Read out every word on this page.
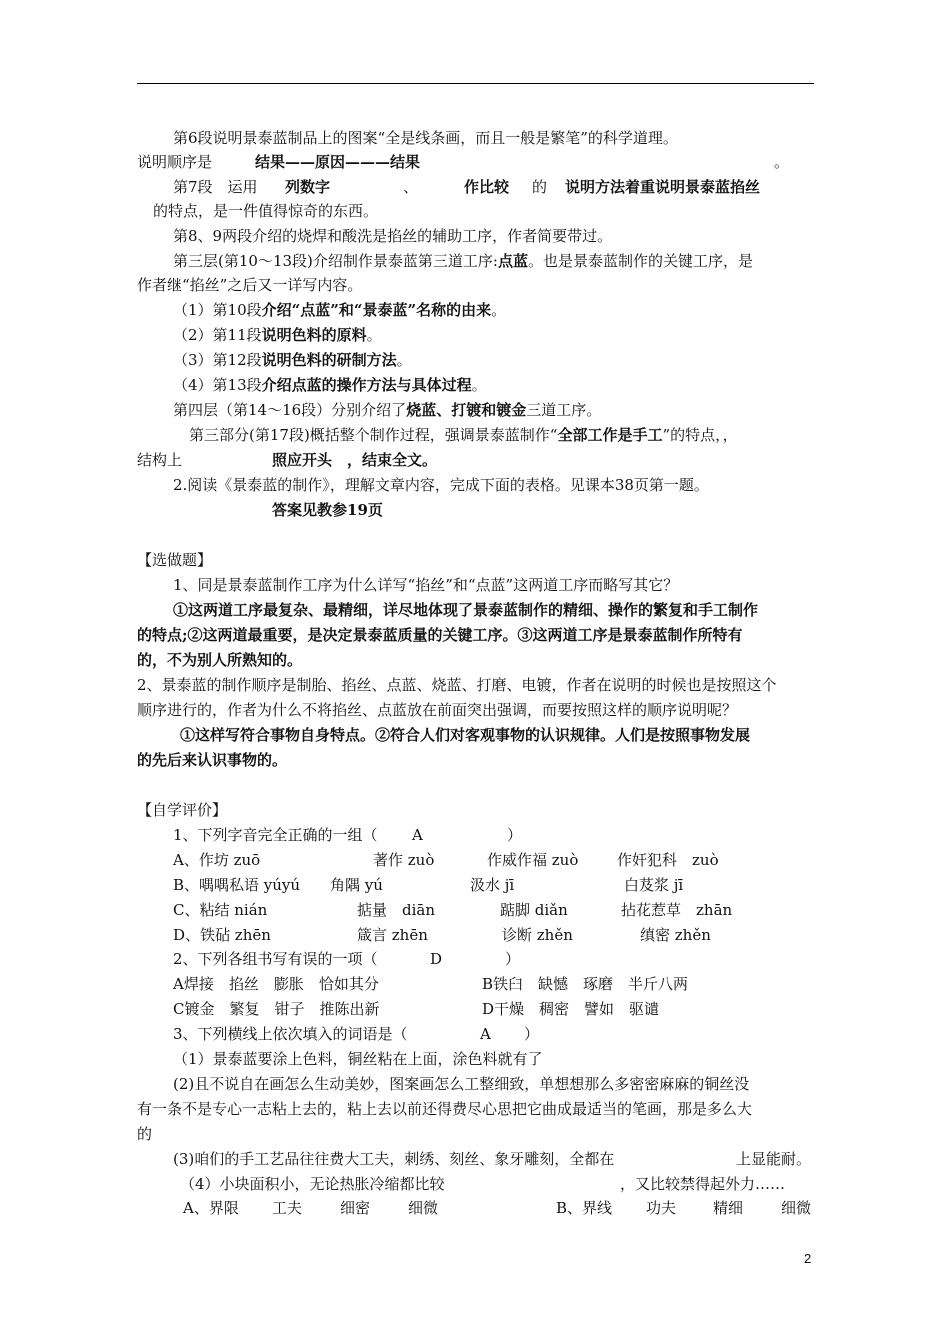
第6段说明景泰蓝制品上的图案“全是线条画，而且一般是繁笔”的科学道理。
说明顺序是	结果——原因———结果	。
第7段　运用 列数字	、	作比较 的 说明方法着重说明景泰蓝掐丝
的特点，是一件值得惊奇的东西。
第8、9两段介绍的烧焊和酸洗是掐丝的辅助工序，作者简要带过。
第三层(第10～13段)介绍制作景泰蓝第三道工序:点蓝。也是景泰蓝制作的关键工序，是
作者继“掐丝”之后又一详写内容。
（1）第10段介绍“点蓝”和“景泰蓝”名称的由来。
（2）第11段说明色料的原料。
（3）第12段说明色料的研制方法。
（4）第13段介绍点蓝的操作方法与具体过程。
第四层（第14～16段）分别介绍了烧蓝、打镀和镀金三道工序。
第三部分(第17段)概括整个制作过程，强调景泰蓝制作“全部工作是手工”的特点，，
结构上	照应开头　，结束全文。
2.阅读《景泰蓝的制作》，理解文章内容，完成下面的表格。见课本38页第一题。
答案见教参19页
【选做题】
1、同是景泰蓝制作工序为什么详写“掐丝”和“点蓝”这两道工序而略写其它？
①这两道工序最复杂、最精细，详尽地体现了景泰蓝制作的精细、操作的繁复和手工制作
的特点;②这两道最重要，是决定景泰蓝质量的关键工序。③这两道工序是景泰蓝制作所特有
的，不为别人所熟知的。
2、景泰蓝的制作顺序是制胎、掐丝、点蓝、烧蓝、打磨、电镀，作者在说明的时候也是按照这个
顺序进行的，作者为什么不将掐丝、点蓝放在前面突出强调，而要按照这样的顺序说明呢？
①这样写符合事物自身特点。②符合人们对客观事物的认识规律。人们是按照事物发展
的先后来认识事物的。
【自学评价】
1、下列字音完全正确的一组（ A	）
A、作坊 zuō	著作 zuò	作威作福 zuò	作奸犯科　zuò
B、喁喁私语 yúyú 角隅 yú	汲水 jī	白芨浆 jī
C、粘结 nián	掂量　diān	踮脚 diǎn	拈花惹草　zhān
D、铁砧 zhēn	箴言 zhēn	诊断 zhěn	缜密 zhěn
2、下列各组书写有误的一项（	D	）
A焊接　掐丝　膨胀　恰如其分	B铁臼　缺憾　琢磨　半斤八两
C镀金　繁复　钳子　推陈出新	D干燥　稠密　譬如　驱谴
3、下列横线上依次填入的词语是（	A ）
（1）景泰蓝要涂上色料，铜丝粘在上面，涂色料就有了
(2)且不说自在画怎么生动美妙，图案画怎么工整细致，单想想那么多密密麻麻的铜丝没
有一条不是专心一志粘上去的，粘上去以前还得费尽心思把它曲成最适当的笔画，那是多么大
的
(3)咱们的手工艺品往往费大工夫，刺绣、刻丝、象牙雕刻，全都在	上显能耐。
（4）小块面积小，无论热胀冷缩都比较	，又比较禁得起外力……
A、界限 工夫	细密	细微	B、界线 功夫 精细	细微
2
